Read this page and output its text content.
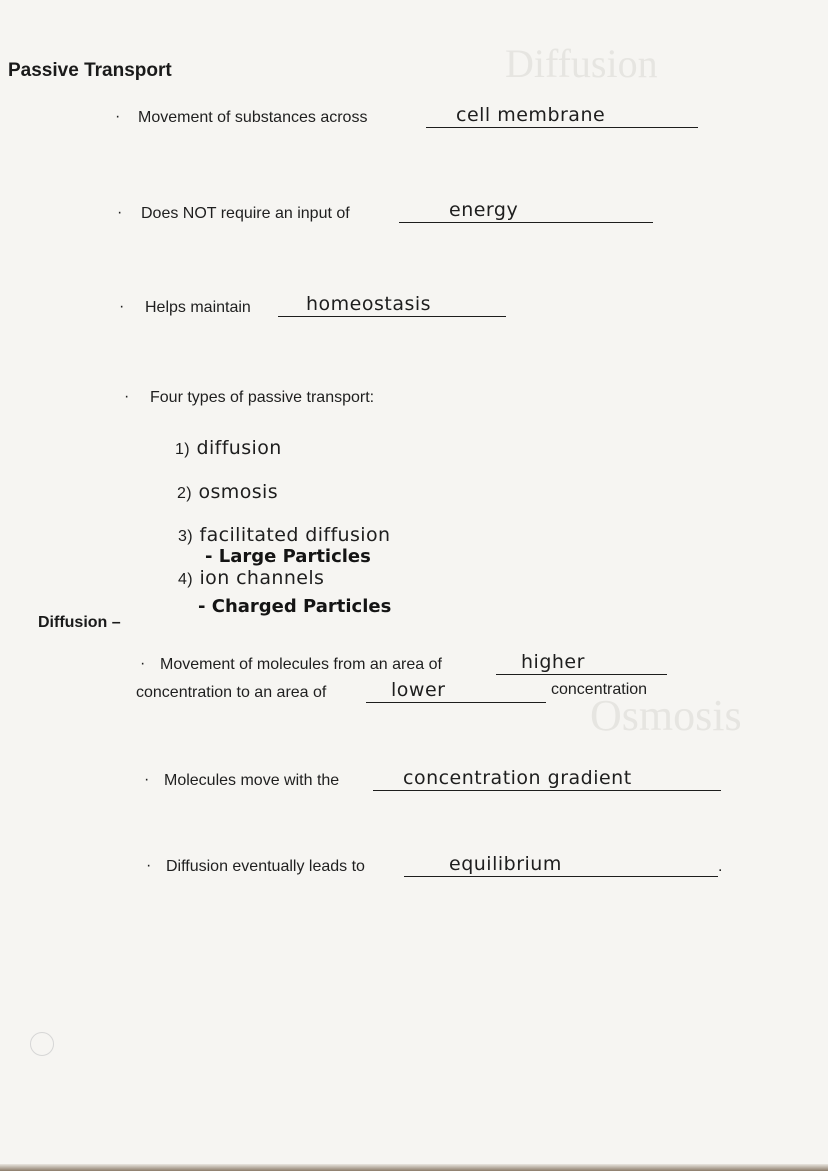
Diffusion
Osmosis
Passive Transport
· Movement of substances across	cell membrane
· Does NOT require an input of	energy
· Helps maintain	homeostasis
· Four types of passive transport:
1) diffusion
2) osmosis
3) facilitated diffusion
- Large Particles
4) ion channels
- Charged Particles
Diffusion –
· Movement of molecules from an area of	higher
concentration to an area of	lower	concentration
· Molecules move with the	concentration gradient
· Diffusion eventually leads to	equilibrium	.
